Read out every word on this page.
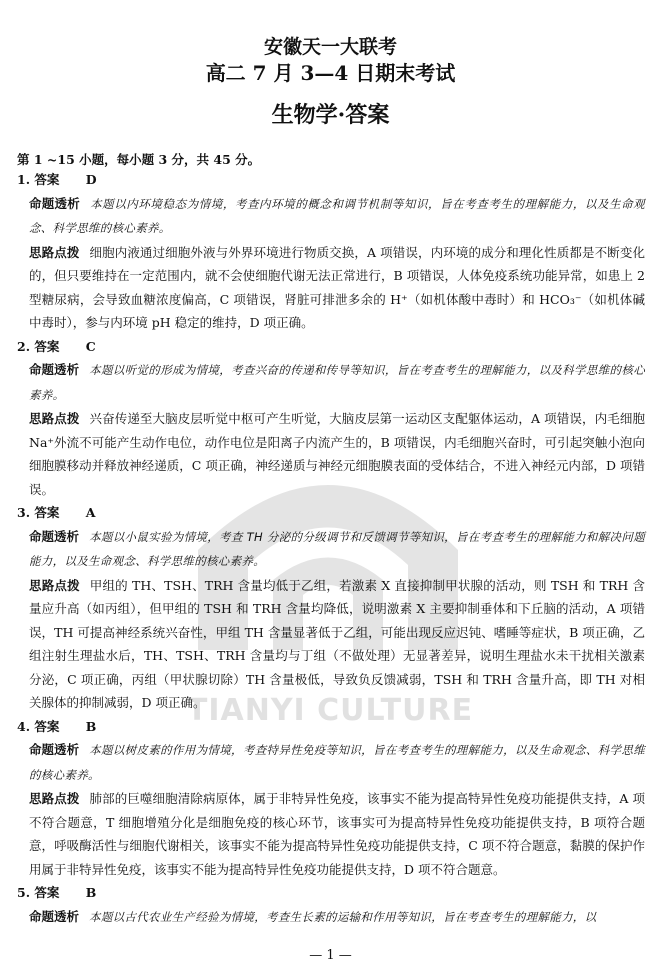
TIANYI CULTURE
安徽天一大联考
高二 7 月 3—4 日期末考试
生物学·答案
第 1 ~15 小题，每小题 3 分，共 45 分。
1. 答案 D
命题透析 本题以内环境稳态为情境，考查内环境的概念和调节机制等知识，旨在考查考生的理解能力，以及生命观念、科学思维的核心素养。
思路点拨 细胞内液通过细胞外液与外界环境进行物质交换，A 项错误，内环境的成分和理化性质都是不断变化的，但只要维持在一定范围内，就不会使细胞代谢无法正常进行，B 项错误，人体免疫系统功能异常，如患上 2 型糖尿病，会导致血糖浓度偏高，C 项错误，肾脏可排泄多余的 H⁺（如机体酸中毒时）和 HCO₃⁻（如机体碱中毒时），参与内环境 pH 稳定的维持，D 项正确。
2. 答案 C
命题透析 本题以听觉的形成为情境，考查兴奋的传递和传导等知识，旨在考查考生的理解能力，以及科学思维的核心素养。
思路点拨 兴奋传递至大脑皮层听觉中枢可产生听觉，大脑皮层第一运动区支配躯体运动，A 项错误，内毛细胞 Na⁺外流不可能产生动作电位，动作电位是阳离子内流产生的，B 项错误，内毛细胞兴奋时，可引起突触小泡向细胞膜移动并释放神经递质，C 项正确，神经递质与神经元细胞膜表面的受体结合，不进入神经元内部，D 项错误。
3. 答案 A
命题透析 本题以小鼠实验为情境，考查 TH 分泌的分级调节和反馈调节等知识，旨在考查考生的理解能力和解决问题能力，以及生命观念、科学思维的核心素养。
思路点拨 甲组的 TH、TSH、TRH 含量均低于乙组，若激素 X 直接抑制甲状腺的活动，则 TSH 和 TRH 含量应升高（如丙组），但甲组的 TSH 和 TRH 含量均降低，说明激素 X 主要抑制垂体和下丘脑的活动，A 项错误，TH 可提高神经系统兴奋性，甲组 TH 含量显著低于乙组，可能出现反应迟钝、嗜睡等症状，B 项正确，乙组注射生理盐水后，TH、TSH、TRH 含量均与丁组（不做处理）无显著差异，说明生理盐水未干扰相关激素分泌，C 项正确，丙组（甲状腺切除）TH 含量极低，导致负反馈减弱，TSH 和 TRH 含量升高，即 TH 对相关腺体的抑制减弱，D 项正确。
4. 答案 B
命题透析 本题以树皮素的作用为情境，考查特异性免疫等知识，旨在考查考生的理解能力，以及生命观念、科学思维的核心素养。
思路点拨 肺部的巨噬细胞清除病原体，属于非特异性免疫，该事实不能为提高特异性免疫功能提供支持，A 项不符合题意，T 细胞增殖分化是细胞免疫的核心环节，该事实可为提高特异性免疫功能提供支持，B 项符合题意，呼吸酶活性与细胞代谢相关，该事实不能为提高特异性免疫功能提供支持，C 项不符合题意，黏膜的保护作用属于非特异性免疫，该事实不能为提高特异性免疫功能提供支持，D 项不符合题意。
5. 答案 B
命题透析 本题以古代农业生产经验为情境，考查生长素的运输和作用等知识，旨在考查考生的理解能力，以
— 1 —
